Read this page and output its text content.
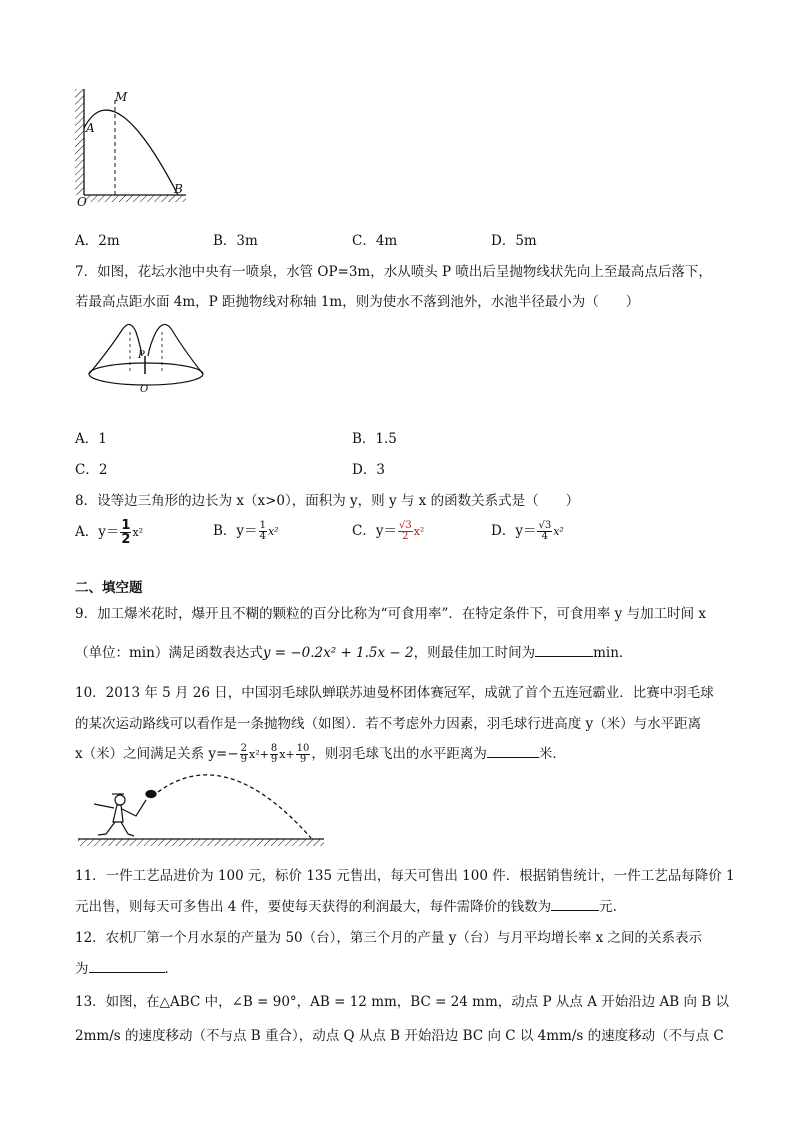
M
A
O
B
A．2m	B．3m	C．4m	D．5m
7．如图，花坛水池中央有一喷泉，水管 OP=3m，水从喷头 P 喷出后呈抛物线状先向上至最高点后落下，
若最高点距水面 4m，P 距抛物线对称轴 1m，则为使水不落到池外，水池半径最小为（　　）
P
O
A．1	B．1.5
C．2	D．3
8．设等边三角形的边长为 x（x>0），面积为 y，则 y 与 x 的函数关系式是（　　）
A．$y= \frac{1}{2} x^2$	B．$y= \frac{1}{4} x^2$	C．$y= \frac{√3}{2} x^2$	D．$y= \frac{√3}{4} x^2$
二、填空题
9．加工爆米花时，爆开且不糊的颗粒的百分比称为“可食用率”．在特定条件下，可食用率 y 与加工时间 x
（单位：min）满足函数表达式y = −0.2x² + 1.5x − 2，则最佳加工时间为	min．
10．2013 年 5 月 26 日，中国羽毛球队蝉联苏迪曼杯团体赛冠军，成就了首个五连冠霸业．比赛中羽毛球
的某次运动路线可以看作是一条抛物线（如图）．若不考虑外力因素，羽毛球行进高度 y（米）与水平距离
x（米）之间满足关系 $y=- \frac{2}{9} x^2+ \frac{8}{9} x+ \frac{10}{9}$ ，则羽毛球飞出的水平距离为	米．
11．一件工艺品进价为 100 元，标价 135 元售出，每天可售出 100 件．根据销售统计，一件工艺品每降价 1
元出售，则每天可多售出 4 件，要使每天获得的利润最大，每件需降价的钱数为	元.
12．农机厂第一个月水泵的产量为 50（台），第三个月的产量 y（台）与月平均增长率 x 之间的关系表示
为	．
13．如图，在△ABC 中，∠B = 90°，AB = 12 mm，BC = 24 mm，动点 P 从点 A 开始沿边 AB 向 B 以
2mm/s 的速度移动（不与点 B 重合），动点 Q 从点 B 开始沿边 BC 向 C 以 4mm/s 的速度移动（不与点 C
